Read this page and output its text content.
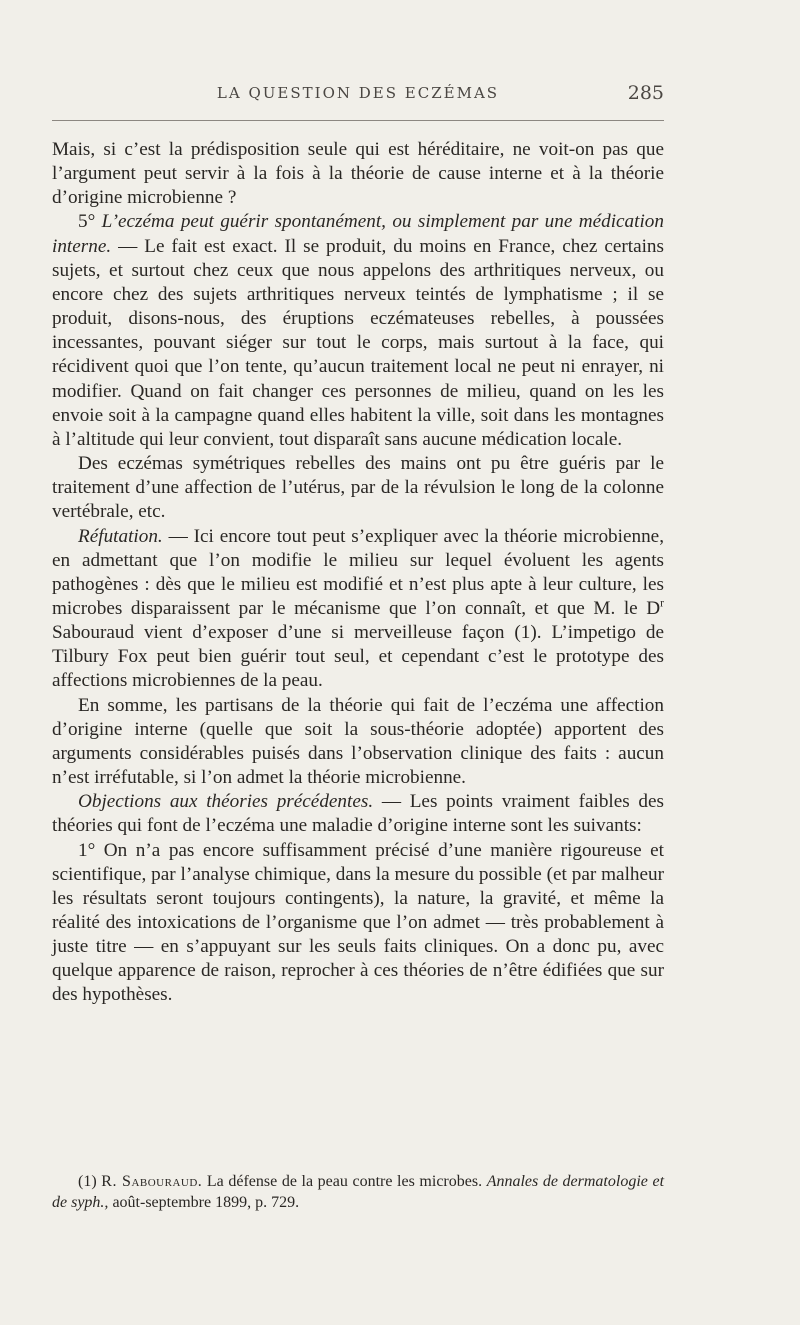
LA QUESTION DES ECZÉMAS	285

Mais, si c’est la prédisposition seule qui est héréditaire, ne voit-on pas que l’argument peut servir à la fois à la théorie de cause interne et à la théorie d’origine microbienne ?

5° L’eczéma peut guérir spontanément, ou simplement par une médication interne. — Le fait est exact. Il se produit, du moins en France, chez certains sujets, et surtout chez ceux que nous appelons des arthritiques nerveux, ou encore chez des sujets arthritiques nerveux teintés de lymphatisme ; il se produit, disons-nous, des éruptions eczémateuses rebelles, à poussées incessantes, pouvant siéger sur tout le corps, mais surtout à la face, qui récidivent quoi que l’on tente, qu’aucun traitement local ne peut ni enrayer, ni modifier. Quand on fait changer ces personnes de milieu, quand on les les envoie soit à la campagne quand elles habitent la ville, soit dans les montagnes à l’altitude qui leur convient, tout disparaît sans aucune médication locale.

Des eczémas symétriques rebelles des mains ont pu être guéris par le traitement d’une affection de l’utérus, par de la révulsion le long de la colonne vertébrale, etc.

Réfutation. — Ici encore tout peut s’expliquer avec la théorie microbienne, en admettant que l’on modifie le milieu sur lequel évoluent les agents pathogènes : dès que le milieu est modifié et n’est plus apte à leur culture, les microbes disparaissent par le mécanisme que l’on connaît, et que M. le $D^r$ Sabouraud vient d’exposer d’une si merveilleuse façon (1). L’impetigo de Tilbury Fox peut bien guérir tout seul, et cependant c’est le prototype des affections microbiennes de la peau.

En somme, les partisans de la théorie qui fait de l’eczéma une affection d’origine interne (quelle que soit la sous-théorie adoptée) apportent des arguments considérables puisés dans l’observation clinique des faits : aucun n’est irréfutable, si l’on admet la théorie microbienne.

Objections aux théories précédentes. — Les points vraiment faibles des théories qui font de l’eczéma une maladie d’origine interne sont les suivants:

1° On n’a pas encore suffisamment précisé d’une manière rigoureuse et scientifique, par l’analyse chimique, dans la mesure du possible (et par malheur les résultats seront toujours contingents), la nature, la gravité, et même la réalité des intoxications de l’organisme que l’on admet — très probablement à juste titre — en s’appuyant sur les seuls faits cliniques. On a donc pu, avec quelque apparence de raison, reprocher à ces théories de n’être édifiées que sur des hypothèses.

(1) R. Sabouraud. La défense de la peau contre les microbes. Annales de dermatologie et de syph., août-septembre 1899, p. 729.
